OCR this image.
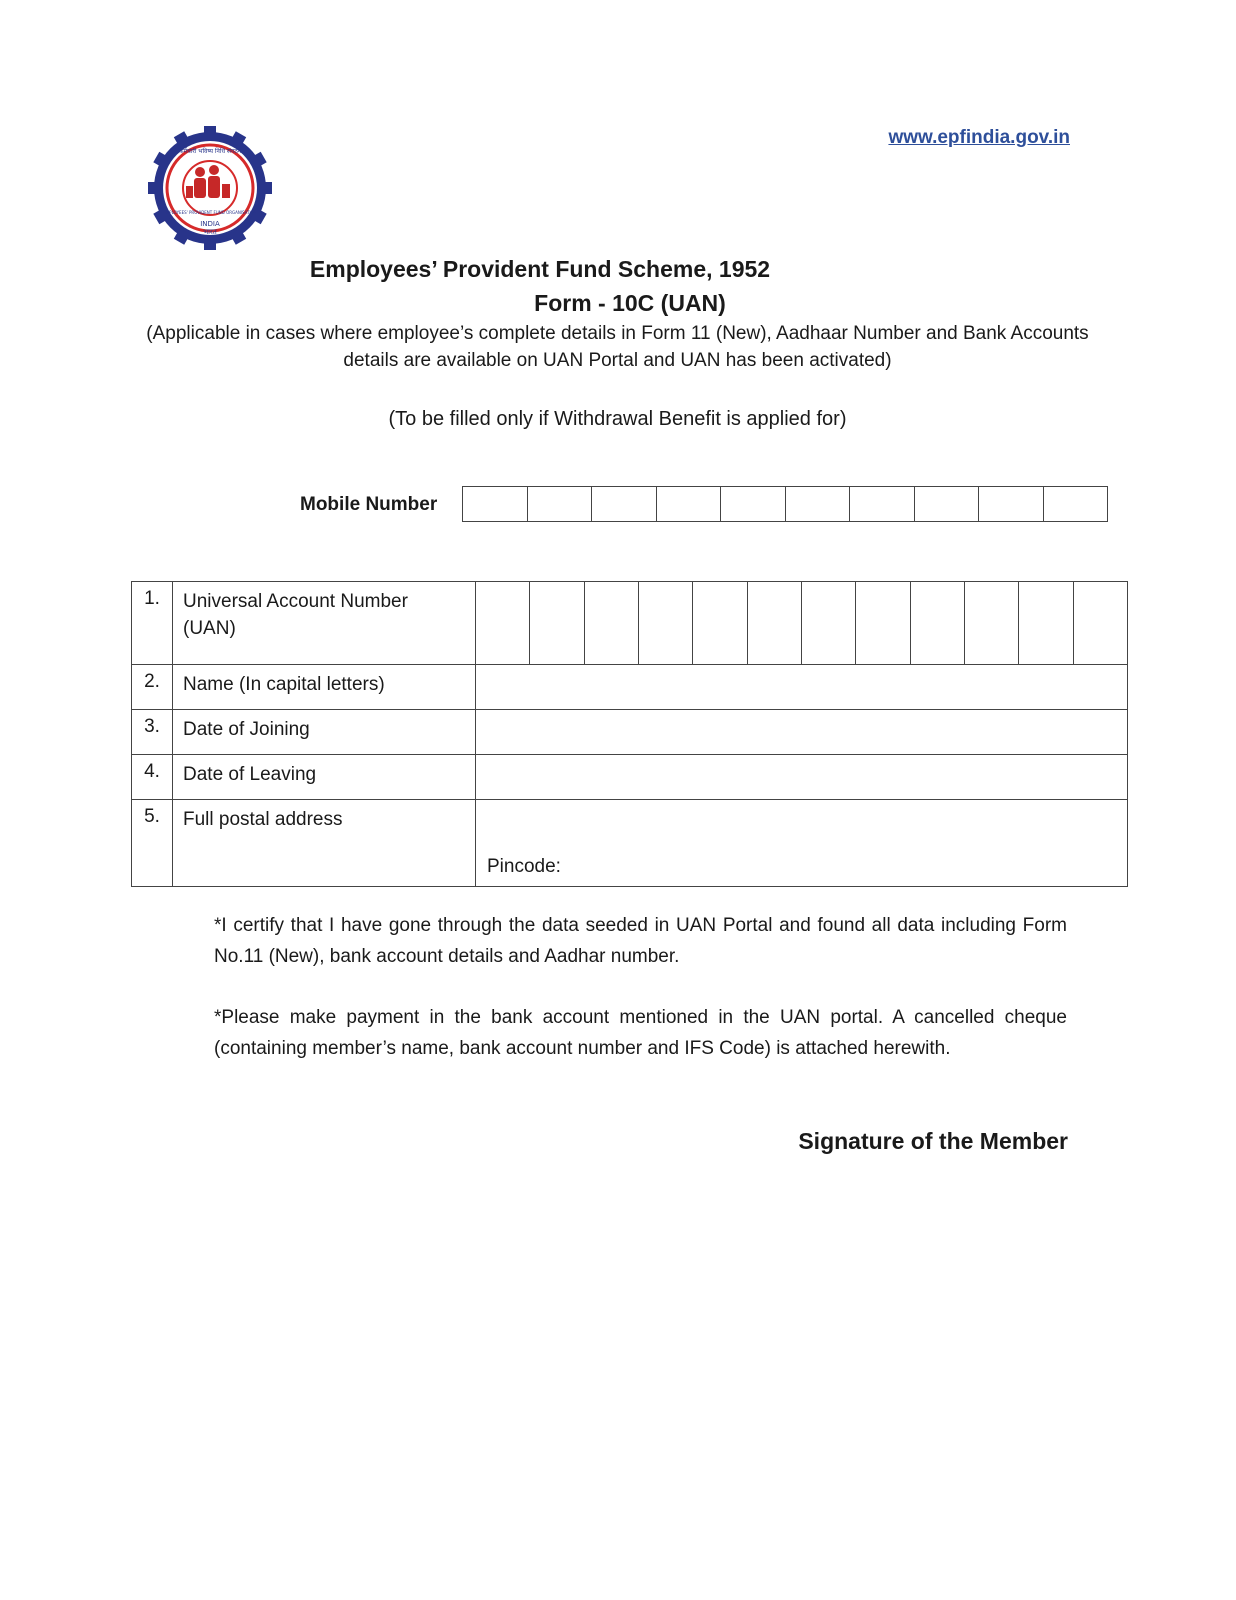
INDIA
भारत
कर्मचारी भविष्य निधि संगठन
EMPLOYEES' PROVIDENT FUND ORGANISATION
www.epfindia.gov.in
Employees’ Provident Fund Scheme, 1952
Form - 10C (UAN)
(Applicable in cases where employee’s complete details in Form 11 (New), Aadhaar Number and Bank Accounts details are available on UAN Portal and UAN has been activated)
(To be filled only if Withdrawal Benefit is applied for)
Mobile Number
1.	Universal Account Number (UAN)	

2.	Name (In capital letters)	
3.	Date of Joining	
4.	Date of Leaving	
5.	Full postal address	Pincode:
*I certify that I have gone through the data seeded in UAN Portal and found all data including Form No.11 (New), bank account details and Aadhar number.
*Please make payment in the bank account mentioned in the UAN portal. A cancelled cheque (containing member’s name, bank account number and IFS Code) is attached herewith.
Signature of the Member
